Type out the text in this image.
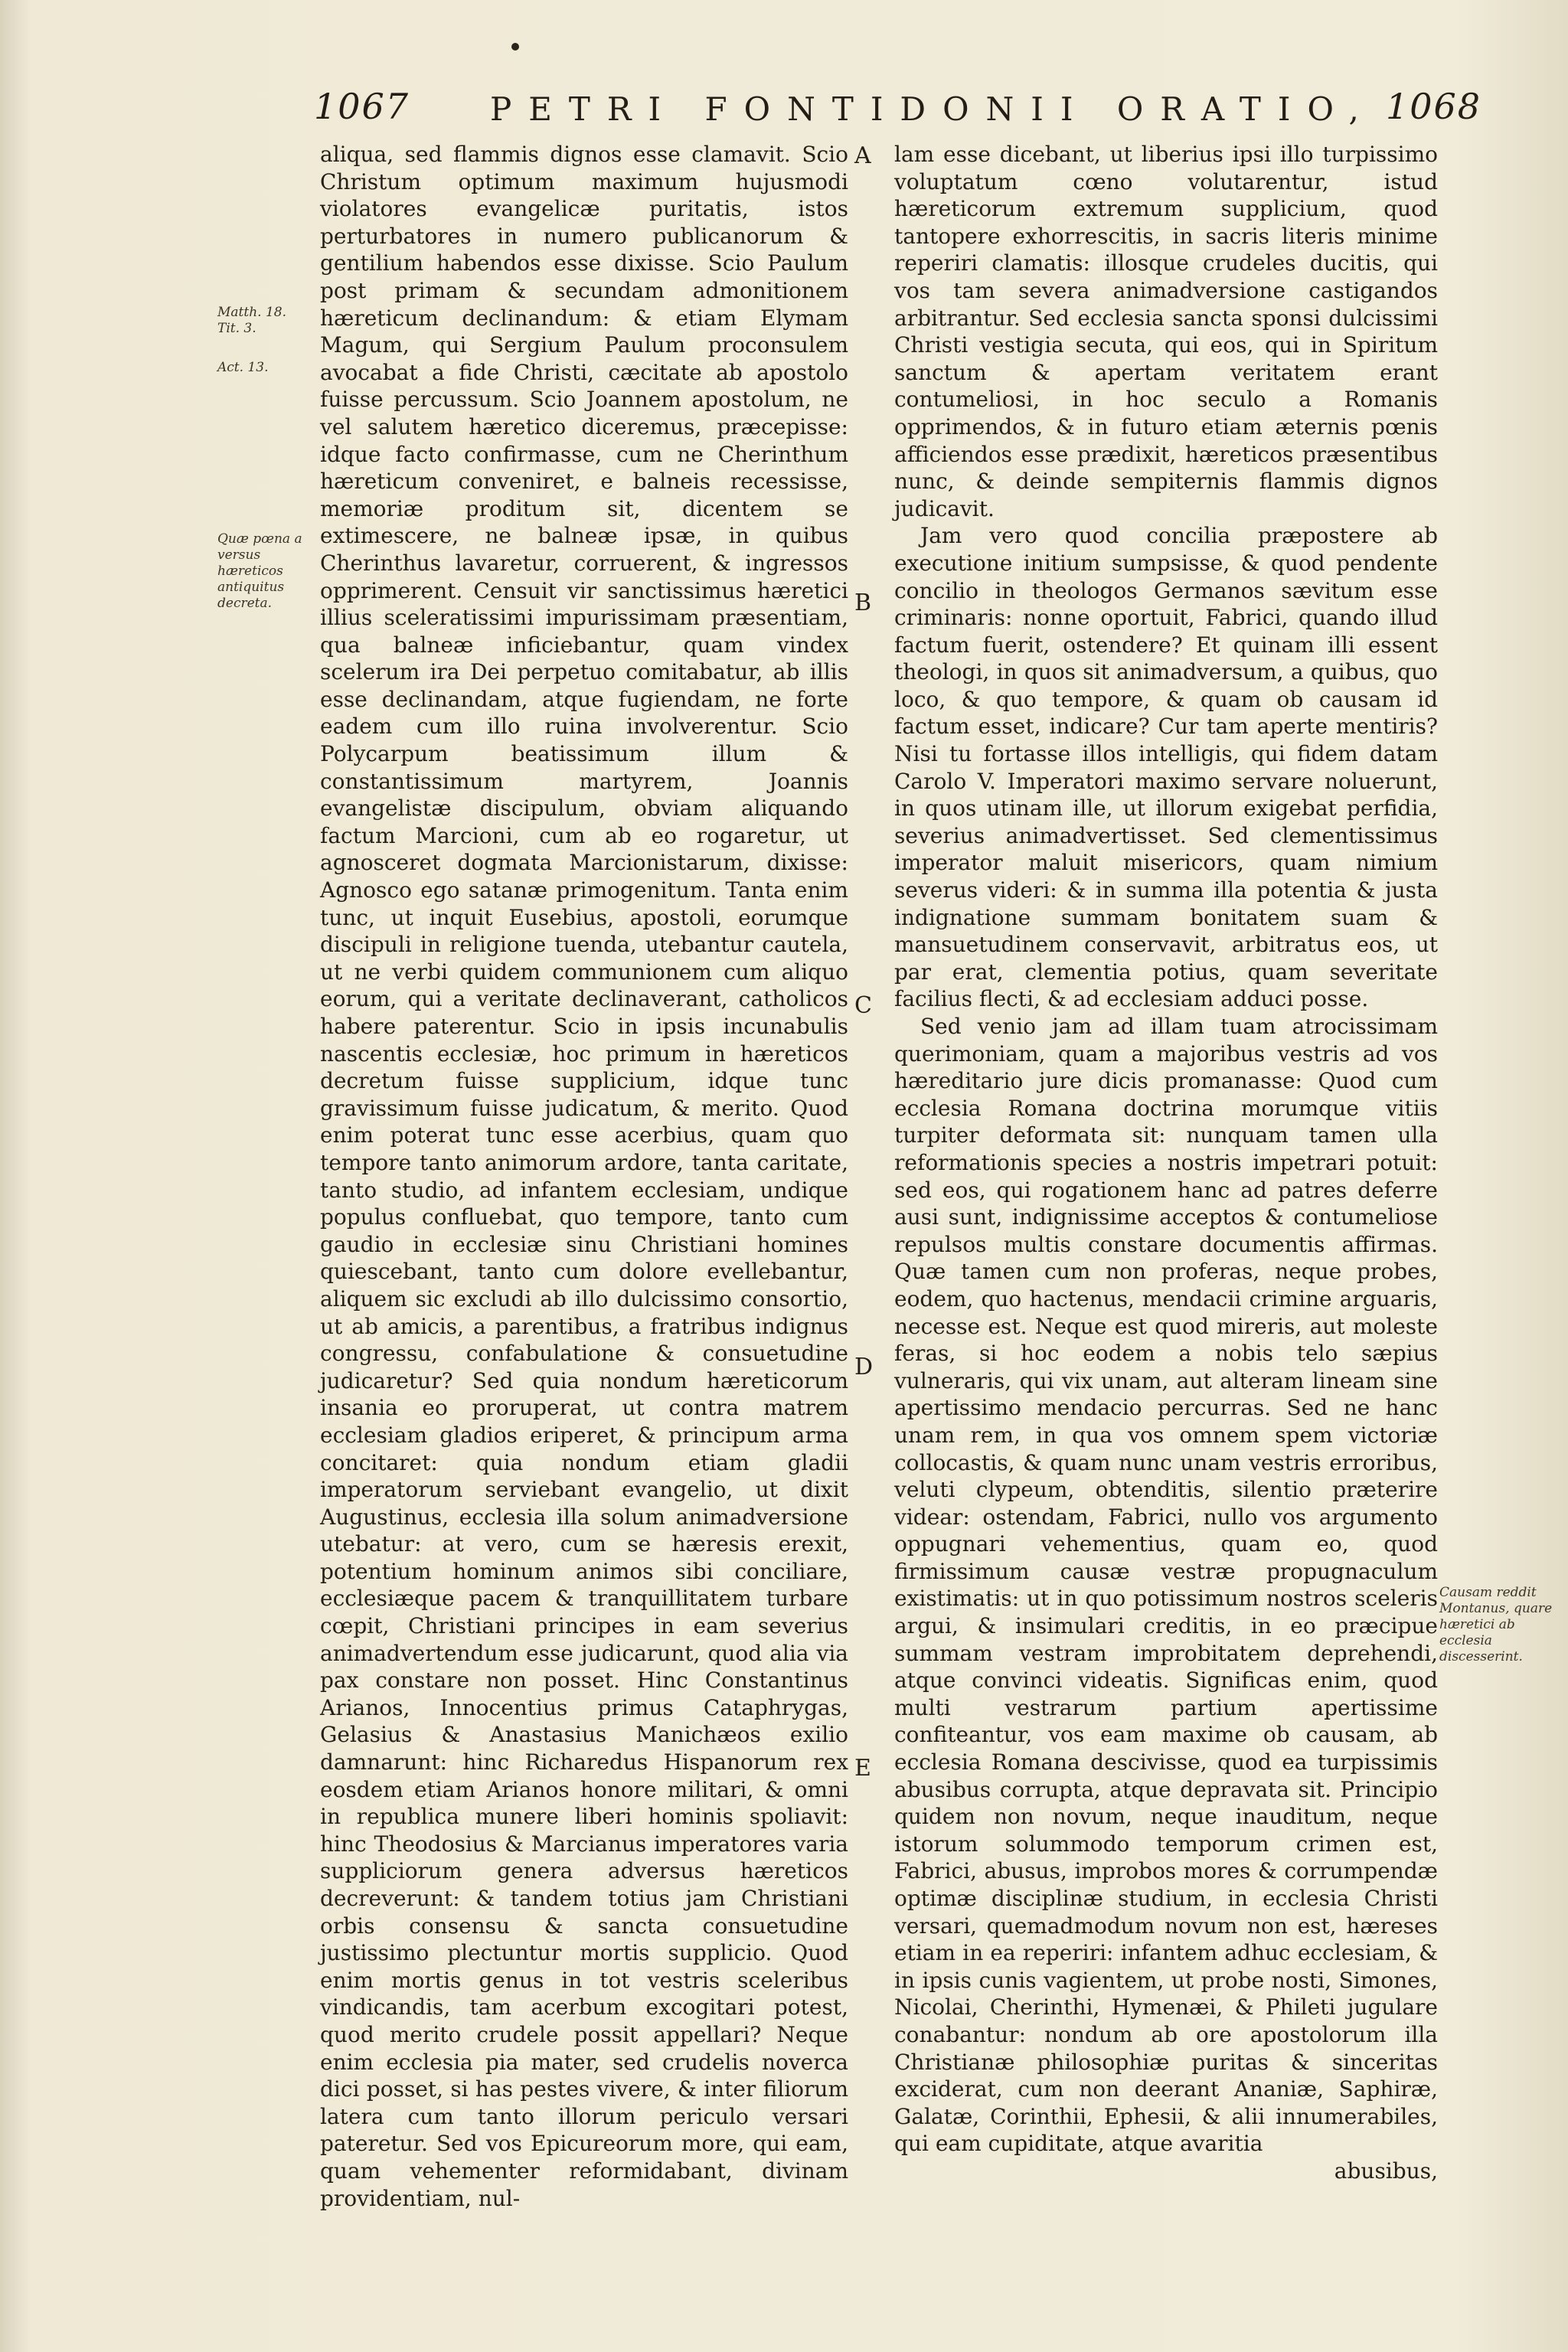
1067 PETRI FONTIDONII ORATIO, 1068
Matth. 18. Tit. 3.
Act. 13.
Quæ pœna a versus hæreticos antiquitus decreta.
Causam reddit Montanus, quare hæretici ab ecclesia discesserint.
A
B
C
D
E

aliqua, sed flammis dignos esse clamavit. Scio Christum optimum maximum hujusmodi violatores evangelicæ puritatis, istos perturbatores in numero publicanorum & gentilium habendos esse dixisse. Scio Paulum post primam & secundam admonitionem hæreticum declinandum: & etiam Elymam Magum, qui Sergium Paulum proconsulem avocabat a fide Christi, cæcitate ab apostolo fuisse percussum. Scio Joannem apostolum, ne vel salutem hæretico diceremus, præcepisse: idque facto confirmasse, cum ne Cherinthum hæreticum conveniret, e balneis recessisse, memoriæ proditum sit, dicentem se extimescere, ne balneæ ipsæ, in quibus Cherinthus lavaretur, corruerent, & ingressos opprimerent. Censuit vir sanctissimus hæretici illius sceleratissimi impurissimam præsentiam, qua balneæ inficiebantur, quam vindex scelerum ira Dei perpetuo comitabatur, ab illis esse declinandam, atque fugiendam, ne forte eadem cum illo ruina involverentur. Scio Polycarpum beatissimum illum & constantissimum martyrem, Joannis evangelistæ discipulum, obviam aliquando factum Marcioni, cum ab eo rogaretur, ut agnosceret dogmata Marcionistarum, dixisse: Agnosco ego satanæ primogenitum. Tanta enim tunc, ut inquit Eusebius, apostoli, eorumque discipuli in religione tuenda, utebantur cautela, ut ne verbi quidem communionem cum aliquo eorum, qui a veritate declinaverant, catholicos habere paterentur. Scio in ipsis incunabulis nascentis ecclesiæ, hoc primum in hæreticos decretum fuisse supplicium, idque tunc gravissimum fuisse judicatum, & merito. Quod enim poterat tunc esse acerbius, quam quo tempore tanto animorum ardore, tanta caritate, tanto studio, ad infantem ecclesiam, undique populus confluebat, quo tempore, tanto cum gaudio in ecclesiæ sinu Christiani homines quiescebant, tanto cum dolore evellebantur, aliquem sic excludi ab illo dulcissimo consortio, ut ab amicis, a parentibus, a fratribus indignus congressu, confabulatione & consuetudine judicaretur? Sed quia nondum hæreticorum insania eo proruperat, ut contra matrem ecclesiam gladios eriperet, & principum arma concitaret: quia nondum etiam gladii imperatorum serviebant evangelio, ut dixit Augustinus, ecclesia illa solum animadversione utebatur: at vero, cum se hæresis erexit, potentium hominum animos sibi conciliare, ecclesiæque pacem & tranquillitatem turbare cœpit, Christiani principes in eam severius animadvertendum esse judicarunt, quod alia via pax constare non posset. Hinc Constantinus Arianos, Innocentius primus Cataphrygas, Gelasius & Anastasius Manichæos exilio damnarunt: hinc Richaredus Hispanorum rex eosdem etiam Arianos honore militari, & omni in republica munere liberi hominis spoliavit: hinc Theodosius & Marcianus imperatores varia suppliciorum genera adversus hæreticos decreverunt: & tandem totius jam Christiani orbis consensu & sancta consuetudine justissimo plectuntur mortis supplicio. Quod enim mortis genus in tot vestris sceleribus vindicandis, tam acerbum excogitari potest, quod merito crudele possit appellari? Neque enim ecclesia pia mater, sed crudelis noverca dici posset, si has pestes vivere, & inter filiorum latera cum tanto illorum periculo versari pateretur. Sed vos Epicureorum more, qui eam, quam vehementer reformidabant, divinam providentiam, nul-

lam esse dicebant, ut liberius ipsi illo turpissimo voluptatum cœno volutarentur, istud hæreticorum extremum supplicium, quod tantopere exhorrescitis, in sacris literis minime reperiri clamatis: illosque crudeles ducitis, qui vos tam severa animadversione castigandos arbitrantur. Sed ecclesia sancta sponsi dulcissimi Christi vestigia secuta, qui eos, qui in Spiritum sanctum & apertam veritatem erant contumeliosi, in hoc seculo a Romanis opprimendos, & in futuro etiam æternis pœnis afficiendos esse prædixit, hæreticos præsentibus nunc, & deinde sempiternis flammis dignos judicavit.

Jam vero quod concilia præpostere ab executione initium sumpsisse, & quod pendente concilio in theologos Germanos sævitum esse criminaris: nonne oportuit, Fabrici, quando illud factum fuerit, ostendere? Et quinam illi essent theologi, in quos sit animadversum, a quibus, quo loco, & quo tempore, & quam ob causam id factum esset, indicare? Cur tam aperte mentiris? Nisi tu fortasse illos intelligis, qui fidem datam Carolo V. Imperatori maximo servare noluerunt, in quos utinam ille, ut illorum exigebat perfidia, severius animadvertisset. Sed clementissimus imperator maluit misericors, quam nimium severus videri: & in summa illa potentia & justa indignatione summam bonitatem suam & mansuetudinem conservavit, arbitratus eos, ut par erat, clementia potius, quam severitate facilius flecti, & ad ecclesiam adduci posse.

Sed venio jam ad illam tuam atrocissimam querimoniam, quam a majoribus vestris ad vos hæreditario jure dicis promanasse: Quod cum ecclesia Romana doctrina morumque vitiis turpiter deformata sit: nunquam tamen ulla reformationis species a nostris impetrari potuit: sed eos, qui rogationem hanc ad patres deferre ausi sunt, indignissime acceptos & contumeliose repulsos multis constare documentis affirmas. Quæ tamen cum non proferas, neque probes, eodem, quo hactenus, mendacii crimine arguaris, necesse est. Neque est quod mireris, aut moleste feras, si hoc eodem a nobis telo sæpius vulneraris, qui vix unam, aut alteram lineam sine apertissimo mendacio percurras. Sed ne hanc unam rem, in qua vos omnem spem victoriæ collocastis, & quam nunc unam vestris erroribus, veluti clypeum, obtenditis, silentio præterire videar: ostendam, Fabrici, nullo vos argumento oppugnari vehementius, quam eo, quod firmissimum causæ vestræ propugnaculum existimatis: ut in quo potissimum nostros sceleris argui, & insimulari creditis, in eo præcipue summam vestram improbitatem deprehendi, atque convinci videatis. Significas enim, quod multi vestrarum partium apertissime confiteantur, vos eam maxime ob causam, ab ecclesia Romana descivisse, quod ea turpissimis abusibus corrupta, atque depravata sit. Principio quidem non novum, neque inauditum, neque istorum solummodo temporum crimen est, Fabrici, abusus, improbos mores & corrumpendæ optimæ disciplinæ studium, in ecclesia Christi versari, quemadmodum novum non est, hæreses etiam in ea reperiri: infantem adhuc ecclesiam, & in ipsis cunis vagientem, ut probe nosti, Simones, Nicolai, Cherinthi, Hymenæi, & Phileti jugulare conabantur: nondum ab ore apostolorum illa Christianæ philosophiæ puritas & sinceritas exciderat, cum non deerant Ananiæ, Saphiræ, Galatæ, Corinthii, Ephesii, & alii innumerabiles, qui eam cupiditate, atque avaritia

abusibus,
